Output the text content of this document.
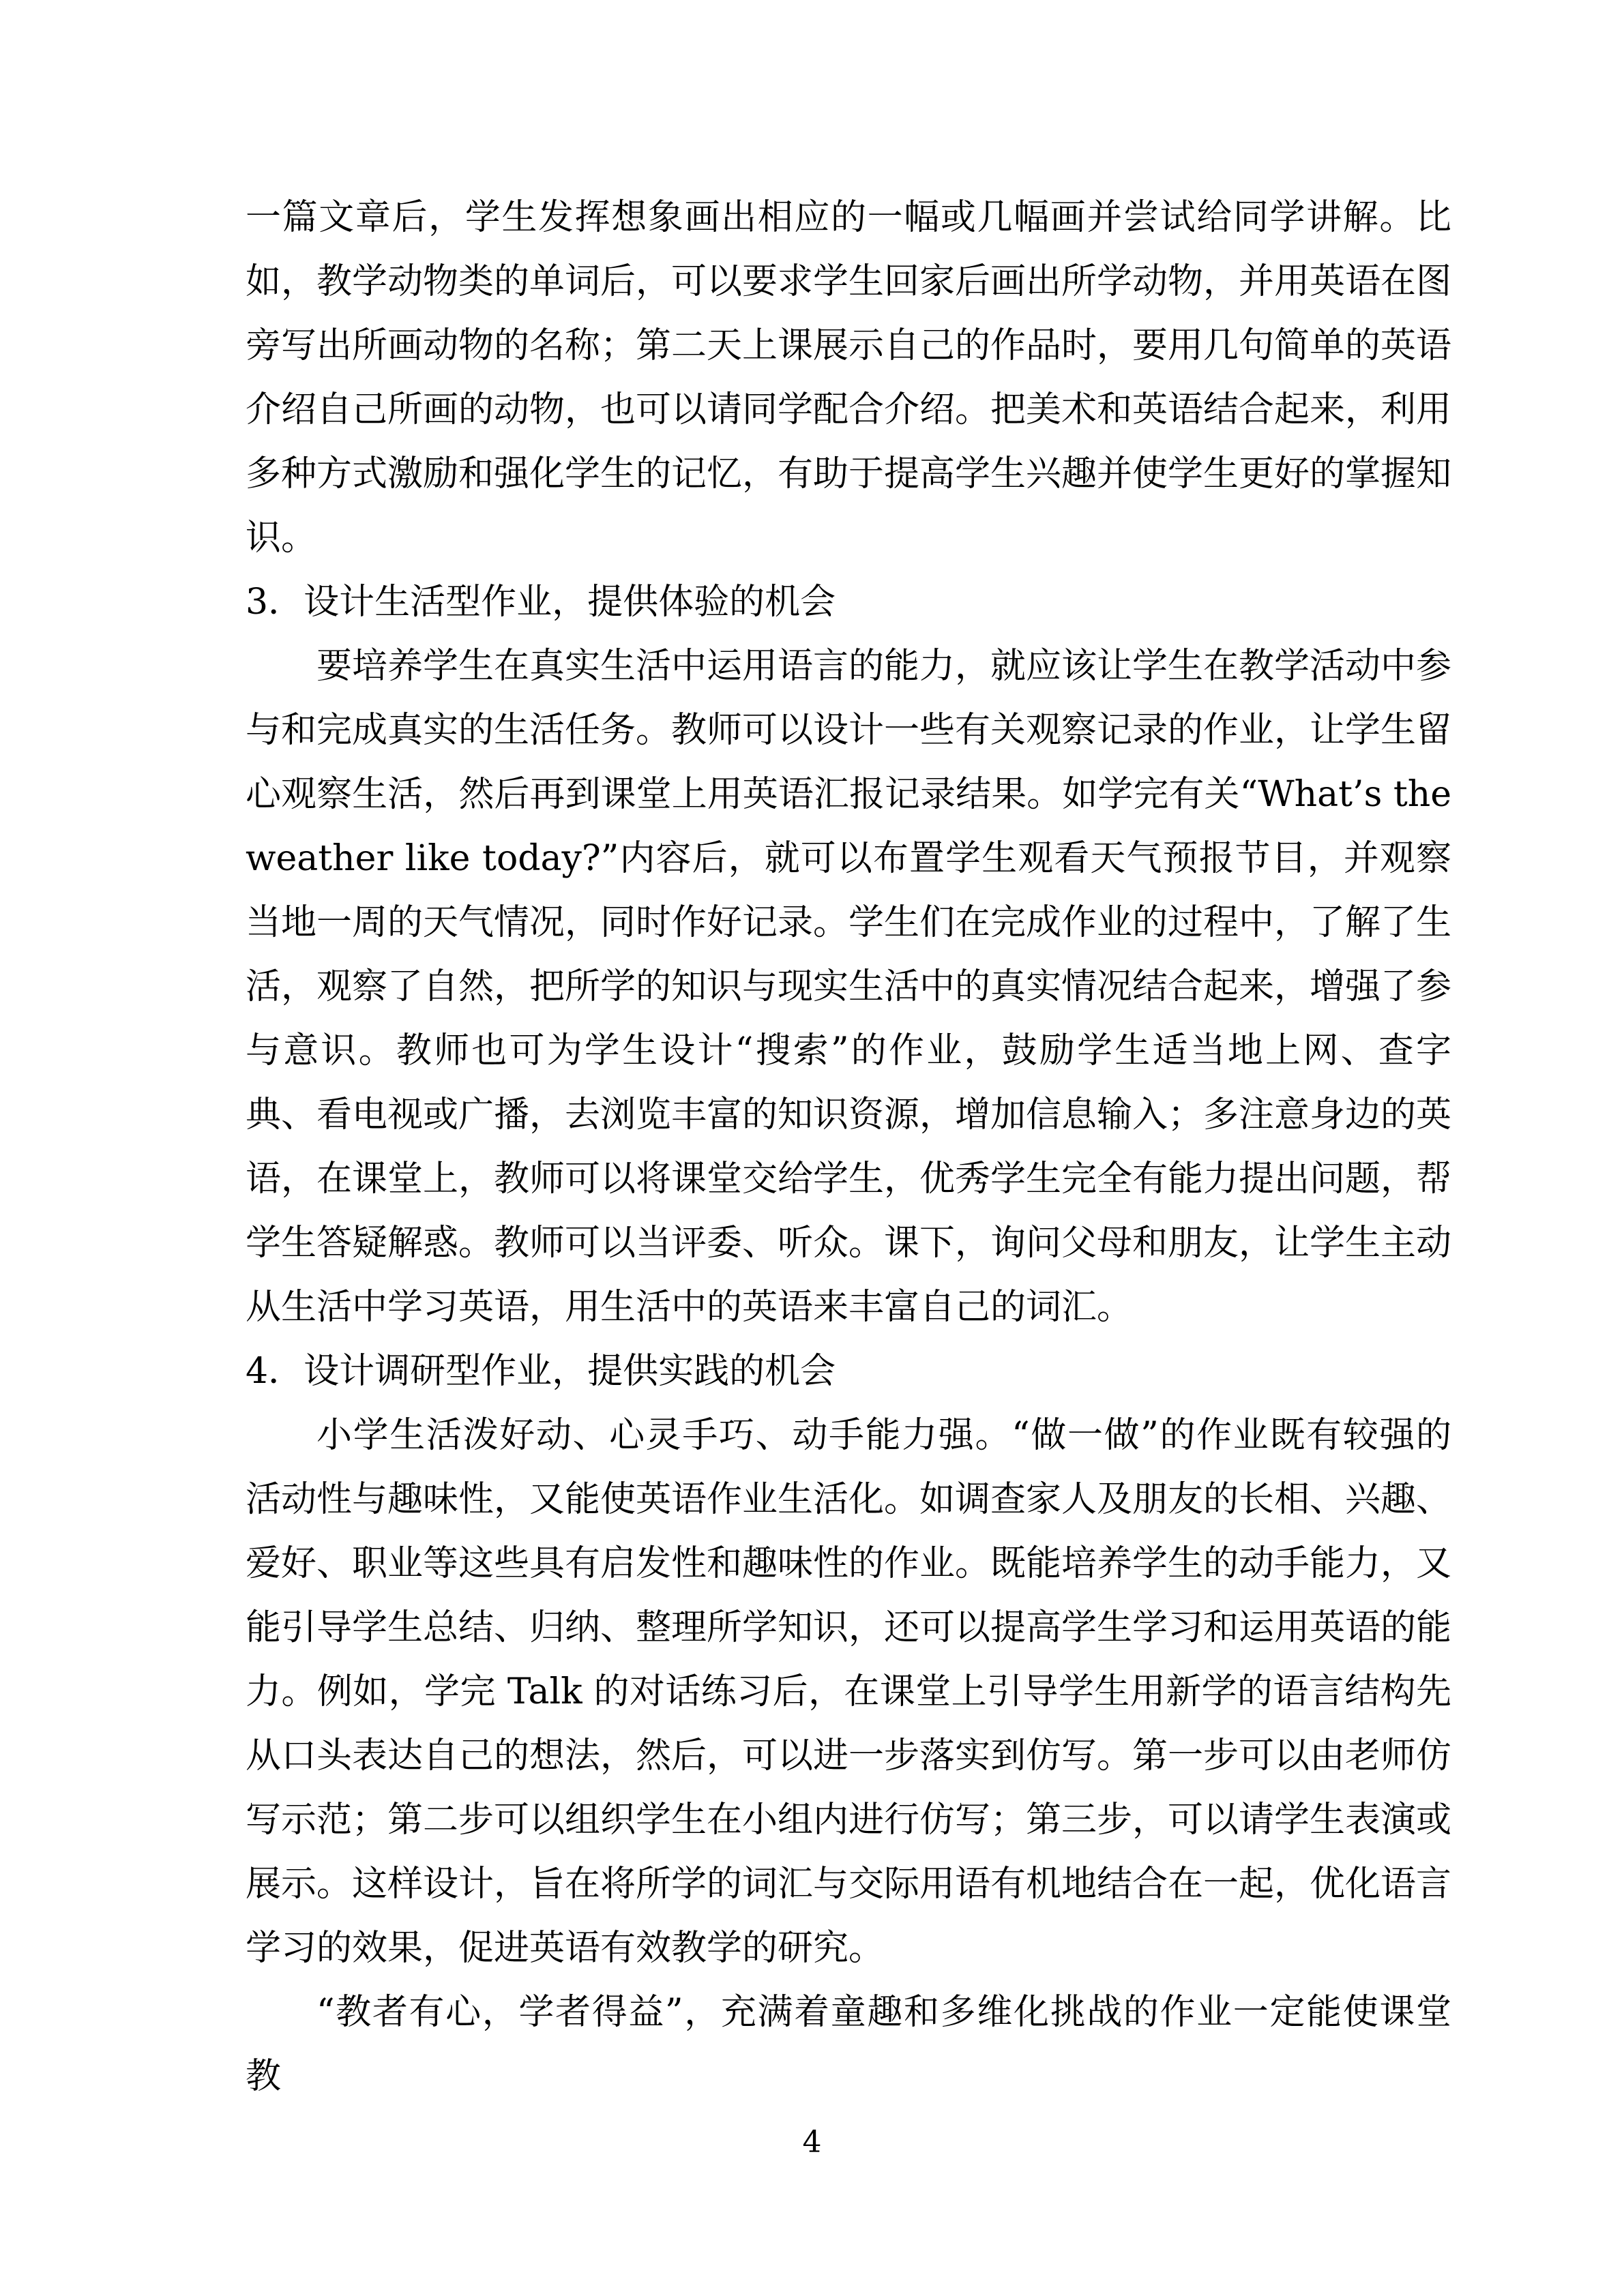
一篇文章后，学生发挥想象画出相应的一幅或几幅画并尝试给同学讲解。比如，教学动物类的单词后，可以要求学生回家后画出所学动物，并用英语在图旁写出所画动物的名称；第二天上课展示自己的作品时，要用几句简单的英语介绍自己所画的动物，也可以请同学配合介绍。把美术和英语结合起来，利用多种方式激励和强化学生的记忆，有助于提高学生兴趣并使学生更好的掌握知识。

3．设计生活型作业，提供体验的机会

要培养学生在真实生活中运用语言的能力，就应该让学生在教学活动中参与和完成真实的生活任务。教师可以设计一些有关观察记录的作业，让学生留心观察生活，然后再到课堂上用英语汇报记录结果。如学完有关“What’s the weather like today?”内容后，就可以布置学生观看天气预报节目，并观察当地一周的天气情况，同时作好记录。学生们在完成作业的过程中，了解了生活，观察了自然，把所学的知识与现实生活中的真实情况结合起来，增强了参与意识。教师也可为学生设计“搜索”的作业，鼓励学生适当地上网、查字典、看电视或广播，去浏览丰富的知识资源，增加信息输入；多注意身边的英语，在课堂上，教师可以将课堂交给学生，优秀学生完全有能力提出问题，帮学生答疑解惑。教师可以当评委、听众。课下，询问父母和朋友，让学生主动从生活中学习英语，用生活中的英语来丰富自己的词汇。

4．设计调研型作业，提供实践的机会

小学生活泼好动、心灵手巧、动手能力强。“做一做”的作业既有较强的活动性与趣味性，又能使英语作业生活化。如调查家人及朋友的长相、兴趣、爱好、职业等这些具有启发性和趣味性的作业。既能培养学生的动手能力，又能引导学生总结、归纳、整理所学知识，还可以提高学生学习和运用英语的能力。例如，学完 Talk 的对话练习后，在课堂上引导学生用新学的语言结构先从口头表达自己的想法，然后，可以进一步落实到仿写。第一步可以由老师仿写示范；第二步可以组织学生在小组内进行仿写；第三步，可以请学生表演或展示。这样设计，旨在将所学的词汇与交际用语有机地结合在一起，优化语言学习的效果，促进英语有效教学的研究。

“教者有心，学者得益”，充满着童趣和多维化挑战的作业一定能使课堂教

4
